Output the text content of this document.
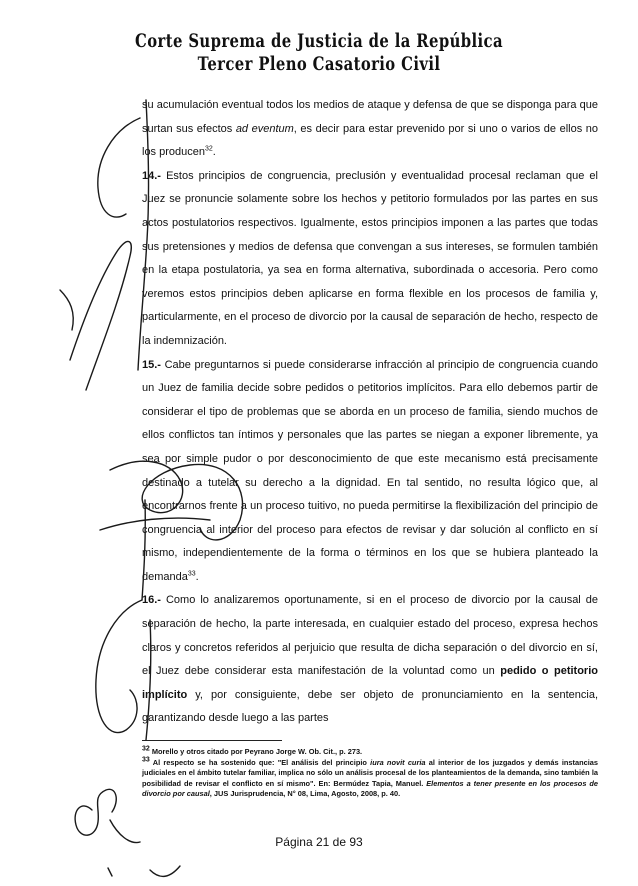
Corte Suprema de Justicia de la República
Tercer Pleno Casatorio Civil

su acumulación eventual todos los medios de ataque y defensa de que se disponga para que surtan sus efectos ad eventum, es decir para estar prevenido por si uno o varios de ellos no los producen$^{32}$.

14.- Estos principios de congruencia, preclusión y eventualidad procesal reclaman que el Juez se pronuncie solamente sobre los hechos y petitorio formulados por las partes en sus actos postulatorios respectivos. Igualmente, estos principios imponen a las partes que todas sus pretensiones y medios de defensa que convengan a sus intereses, se formulen también en la etapa postulatoria, ya sea en forma alternativa, subordinada o accesoria. Pero como veremos estos principios deben aplicarse en forma flexible en los procesos de familia y, particularmente, en el proceso de divorcio por la causal de separación de hecho, respecto de la indemnización.

15.- Cabe preguntarnos si puede considerarse infracción al principio de congruencia cuando un Juez de familia decide sobre pedidos o petitorios implícitos. Para ello debemos partir de considerar el tipo de problemas que se aborda en un proceso de familia, siendo muchos de ellos conflictos tan íntimos y personales que las partes se niegan a exponer libremente, ya sea por simple pudor o por desconocimiento de que este mecanismo está precisamente destinado a tutelar su derecho a la dignidad. En tal sentido, no resulta lógico que, al encontrarnos frente a un proceso tuitivo, no pueda permitirse la flexibilización del principio de congruencia al interior del proceso para efectos de revisar y dar solución al conflicto en sí mismo, independientemente de la forma o términos en los que se hubiera planteado la demanda$^{33}$.

16.- Como lo analizaremos oportunamente, si en el proceso de divorcio por la causal de separación de hecho, la parte interesada, en cualquier estado del proceso, expresa hechos claros y concretos referidos al perjuicio que resulta de dicha separación o del divorcio en sí, el Juez debe considerar esta manifestación de la voluntad como un pedido o petitorio implícito y, por consiguiente, debe ser objeto de pronunciamiento en la sentencia, garantizando desde luego a las partes

$^{32}$ Morello y otros citado por Peyrano Jorge W. Ob. Cit., p. 273.

$^{33}$ Al respecto se ha sostenido que: "El análisis del principio iura novit curia al interior de los juzgados y demás instancias judiciales en el ámbito tutelar familiar, implica no sólo un análisis procesal de los planteamientos de la demanda, sino también la posibilidad de revisar el conflicto en sí mismo". En: Bermúdez Tapia, Manuel. Elementos a tener presente en los procesos de divorcio por causal, JUS Jurisprudencia, N° 08, Lima, Agosto, 2008, p. 40.

Página 21 de 93
